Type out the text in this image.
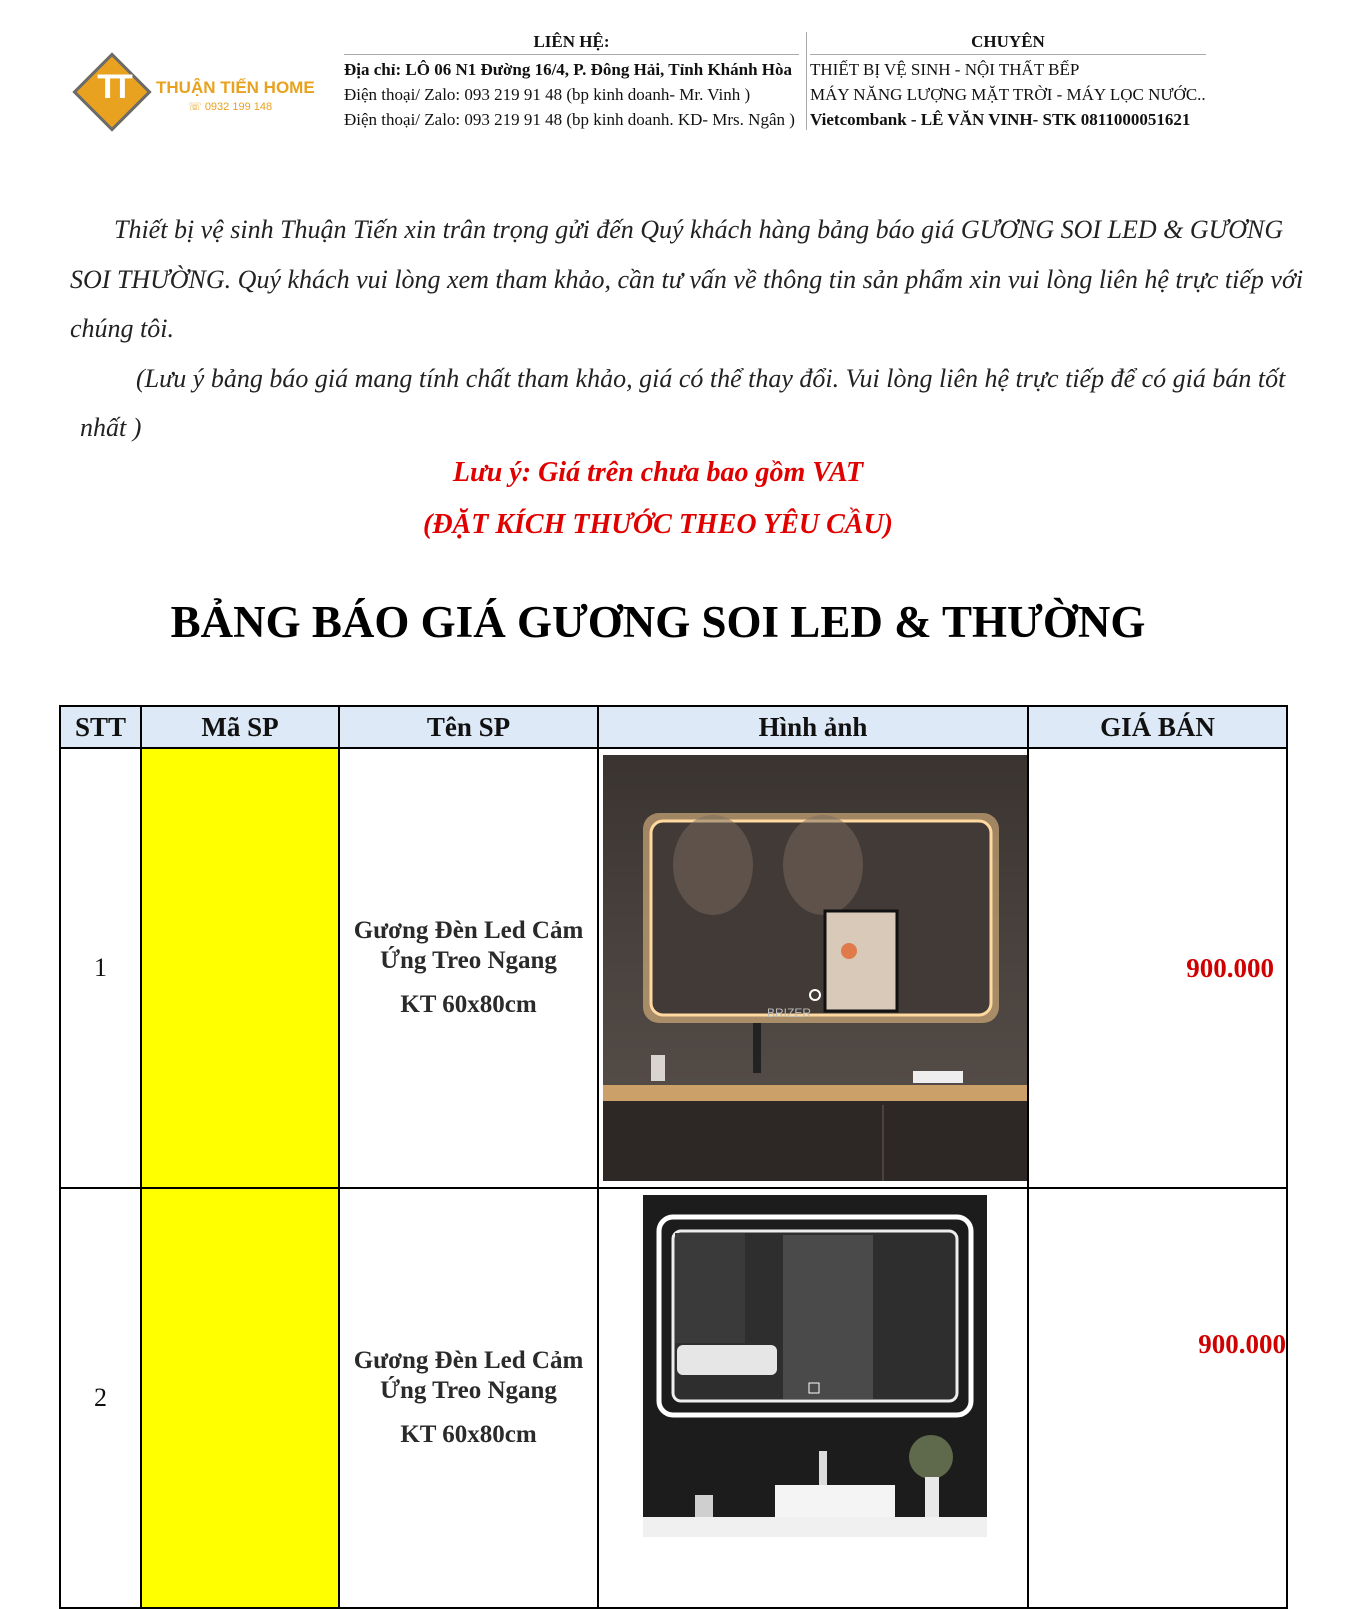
TT	THUẬN TIẾN HOME
☏ 0932 199 148
LIÊN HỆ:
Địa chỉ: LÔ 06 N1 Đường 16/4, P. Đông Hải, Tỉnh Khánh Hòa
Điện thoại/ Zalo: 093 219 91 48 (bp kinh doanh- Mr. Vinh )
Điện thoại/ Zalo: 093 219 91 48 (bp kinh doanh. KD- Mrs. Ngân )
CHUYÊN
THIẾT BỊ VỆ SINH - NỘI THẤT BẾP
MÁY NĂNG LƯỢNG MẶT TRỜI - MÁY LỌC NƯỚC..
Vietcombank - LÊ VĂN VINH- STK 0811000051621

Thiết bị vệ sinh Thuận Tiến xin trân trọng gửi đến Quý khách hàng bảng báo giá GƯƠNG SOI LED & GƯƠNG SOI THƯỜNG. Quý khách vui lòng xem tham khảo, cần tư vấn về thông tin sản phẩm xin vui lòng liên hệ trực tiếp với chúng tôi.

(Lưu ý bảng báo giá mang tính chất tham khảo, giá có thể thay đổi. Vui lòng liên hệ trực tiếp để có giá bán tốt nhất )

Lưu ý: Giá trên chưa bao gồm VAT
(ĐẶT KÍCH THƯỚC THEO YÊU CẦU)
BẢNG BÁO GIÁ GƯƠNG SOI LED & THƯỜNG
STT	Mã SP	Tên SP	Hình ảnh	GIÁ BÁN
1		Gương Đèn Led Cảm Ứng Treo Ngang
KT 60x80cm	BRIZER	900.000
2		Gương Đèn Led Cảm Ứng Treo Ngang
KT 60x80cm		900.000
